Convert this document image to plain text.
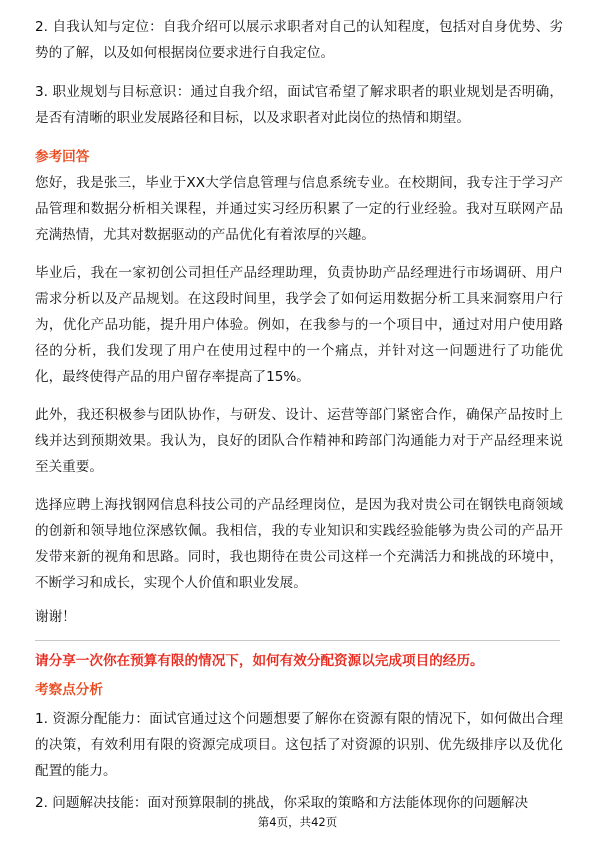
2. 自我认知与定位：自我介绍可以展示求职者对自己的认知程度，包括对自身优势、劣势的了解，以及如何根据岗位要求进行自我定位。

3. 职业规划与目标意识：通过自我介绍，面试官希望了解求职者的职业规划是否明确，是否有清晰的职业发展路径和目标，以及求职者对此岗位的热情和期望。

参考回答

您好，我是张三，毕业于XX大学信息管理与信息系统专业。在校期间，我专注于学习产品管理和数据分析相关课程，并通过实习经历积累了一定的行业经验。我对互联网产品充满热情，尤其对数据驱动的产品优化有着浓厚的兴趣。

毕业后，我在一家初创公司担任产品经理助理，负责协助产品经理进行市场调研、用户需求分析以及产品规划。在这段时间里，我学会了如何运用数据分析工具来洞察用户行为，优化产品功能，提升用户体验。例如，在我参与的一个项目中，通过对用户使用路径的分析，我们发现了用户在使用过程中的一个痛点，并针对这一问题进行了功能优化，最终使得产品的用户留存率提高了15%。

此外，我还积极参与团队协作，与研发、设计、运营等部门紧密合作，确保产品按时上线并达到预期效果。我认为，良好的团队合作精神和跨部门沟通能力对于产品经理来说至关重要。

选择应聘上海找钢网信息科技公司的产品经理岗位，是因为我对贵公司在钢铁电商领域的创新和领导地位深感钦佩。我相信，我的专业知识和实践经验能够为贵公司的产品开发带来新的视角和思路。同时，我也期待在贵公司这样一个充满活力和挑战的环境中，不断学习和成长，实现个人价值和职业发展。

谢谢！

请分享一次你在预算有限的情况下，如何有效分配资源以完成项目的经历。

考察点分析

1. 资源分配能力：面试官通过这个问题想要了解你在资源有限的情况下，如何做出合理的决策，有效利用有限的资源完成项目。这包括了对资源的识别、优先级排序以及优化配置的能力。

2. 问题解决技能：面对预算限制的挑战，你采取的策略和方法能体现你的问题解决

第4页，共42页
